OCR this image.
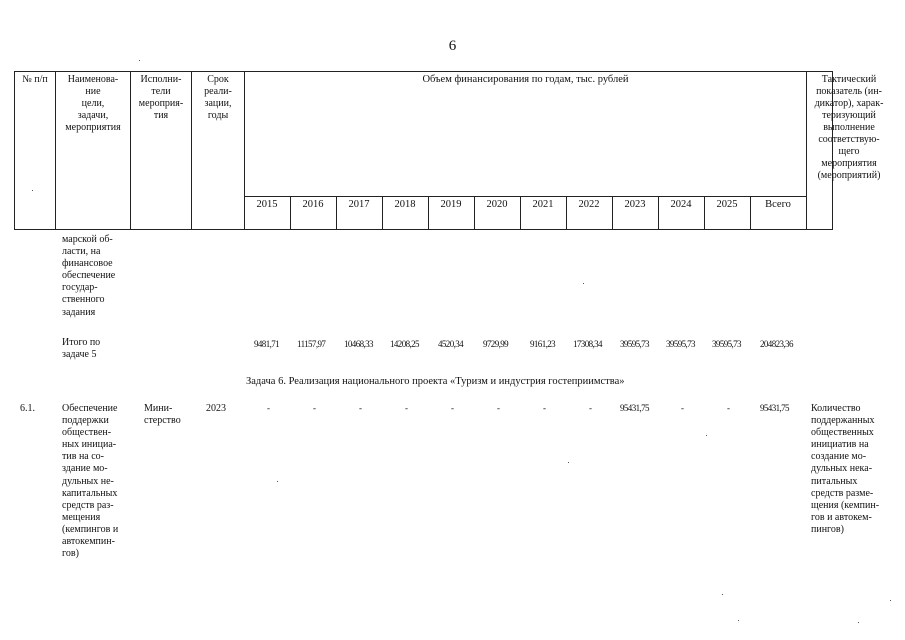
6
№ п/п	Наименова-
ние
цели,
задачи,
мероприятия
Исполни-
тели
мероприя-
тия
Срок
реали-
зации,
годы
Объем финансирования по годам, тыс. рублей	Тактический
показатель (ин-
дикатор), харак-
теризующий
выполнение
соответствую-
щего
мероприятия
(мероприятий)
2015	2016	2017	2018	2019	2020	2021	2022	2023	2024	2025	Всего
марской об-
ласти, на
финансовое
обеспечение
государ-
ственного
задания
Итого по
задаче 5
9481,71 11157,97 10468,33 14208,25 4520,34 9729,99 9161,23 17308,34 39595,73 39595,73 39595,73 204823,36
Задача 6. Реализация национального проекта «Туризм и индустрия гостеприимства»
6.1.	Обеспечение
поддержки
обществен-
ных инициа-
тив на со-
здание мо-
дульных не-
капитальных
средств раз-
мещения
(кемпингов и
автокемпин-
гов)
Мини-
стерство
2023	-	-	-	-	-	-	-	-	95431,75	-	-	95431,75 Количество
поддержанных
общественных
инициатив на
создание мо-
дульных нека-
питальных
средств разме-
щения (кемпин-
гов и автокем-
пингов)
